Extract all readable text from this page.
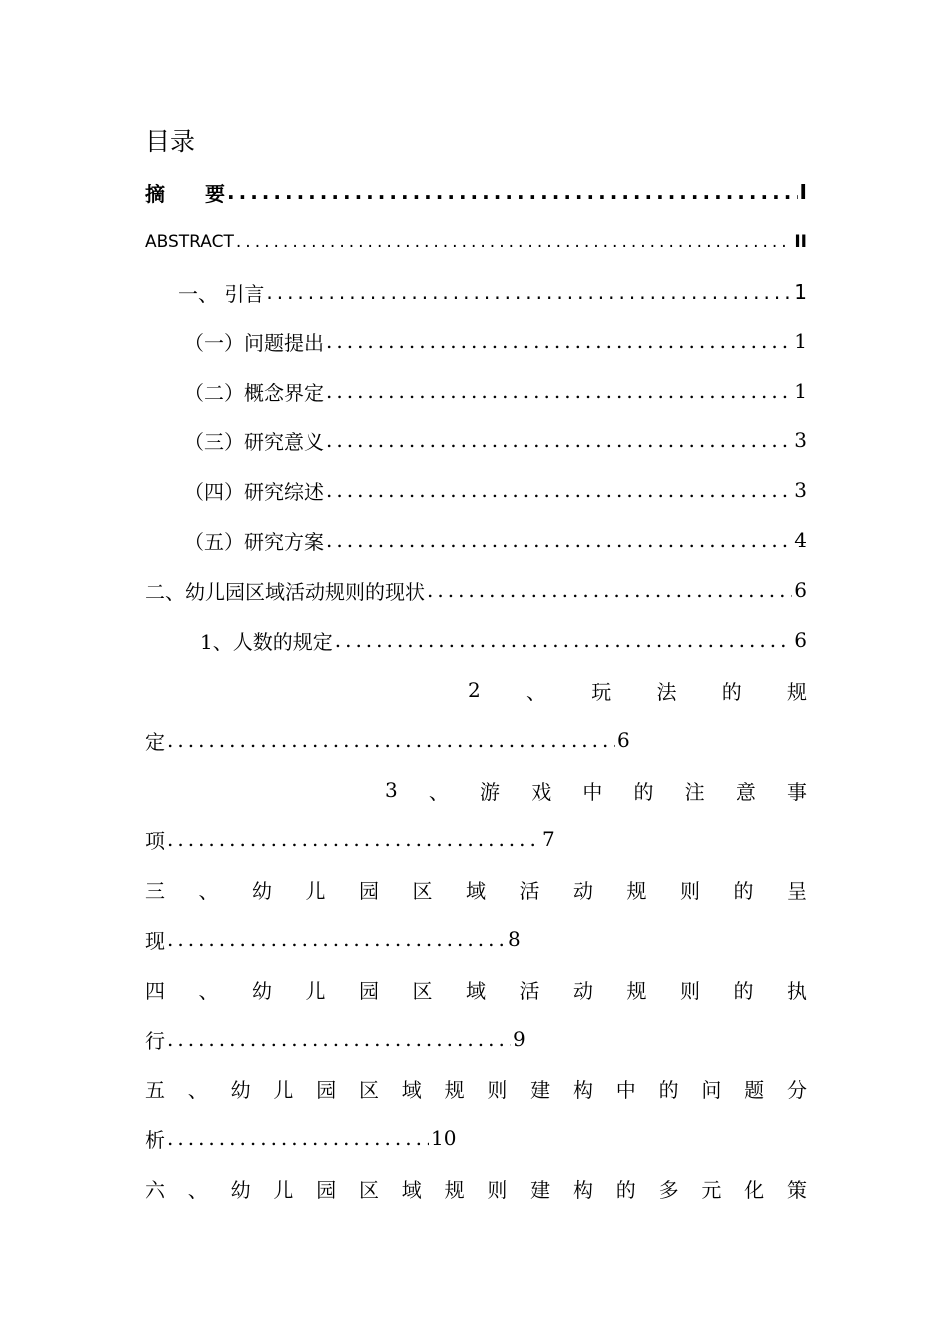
目录
摘 要 .....	I
ABSTRACT .....	II
一、 引言 .....	1
（一）问题提出 .....	1
（二）概念界定 .....	1
（三）研究意义 .....	3
（四）研究综述 .....	3
（五）研究方案 .....	4
二、幼儿园区域活动规则的现状 .....	6
1、人数的规定 .....	6
2 、 玩 法 的 规
定 .....	6
3 、 游 戏 中 的 注 意 事
项 .....	7
三 、 幼 儿 园 区 域 活 动 规 则 的 呈
现 .....	8
四 、 幼 儿 园 区 域 活 动 规 则 的 执
行 .....	9
五 、 幼 儿 园 区 域 规 则 建 构 中 的 问 题 分
析 .....	10
六 、 幼 儿 园 区 域 规 则 建 构 的 多 元 化 策
